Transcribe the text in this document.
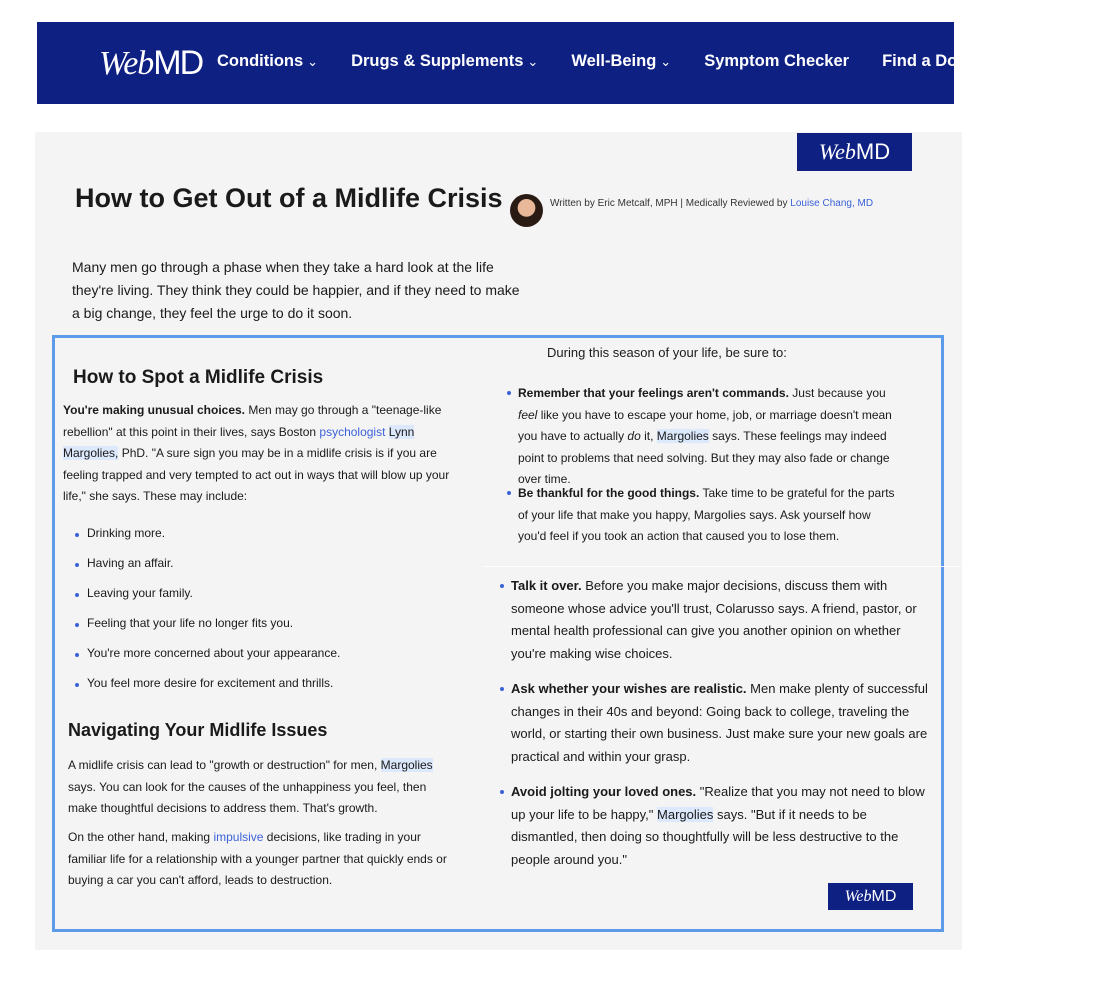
WebMD Conditions ⌄ Drugs & Supplements ⌄ Well-Being ⌄ Symptom Checker Find a Doctor More ⌄
Web MD
How to Get Out of a Midlife Crisis	Written by Eric Metcalf, MPH | Medically Reviewed by Louise Chang, MD

Many men go through a phase when they take a hard look at the life they're living. They think they could be happier, and if they need to make a big change, they feel the urge to do it soon.

How to Spot a Midlife Crisis

You're making unusual choices. Men may go through a "teenage-like rebellion" at this point in their lives, says Boston psychologist Lynn Margolies, PhD. "A sure sign you may be in a midlife crisis is if you are feeling trapped and very tempted to act out in ways that will blow up your life," she says. These may include:

Drinking more.
Having an affair.
Leaving your family.
Feeling that your life no longer fits you.
You're more concerned about your appearance.
You feel more desire for excitement and thrills.
Navigating Your Midlife Issues

A midlife crisis can lead to "growth or destruction" for men, Margolies says. You can look for the causes of the unhappiness you feel, then make thoughtful decisions to address them. That's growth.

On the other hand, making impulsive decisions, like trading in your familiar life for a relationship with a younger partner that quickly ends or buying a car you can't afford, leads to destruction.

During this season of your life, be sure to:
Remember that your feelings aren't commands. Just because you feel like you have to escape your home, job, or marriage doesn't mean you have to actually do it, Margolies says. These feelings may indeed point to problems that need solving. But they may also fade or change over time.
Be thankful for the good things. Take time to be grateful for the parts of your life that make you happy, Margolies says. Ask yourself how you'd feel if you took an action that caused you to lose them.
Talk it over. Before you make major decisions, discuss them with someone whose advice you'll trust, Colarusso says. A friend, pastor, or mental health professional can give you another opinion on whether you're making wise choices.
Ask whether your wishes are realistic. Men make plenty of successful changes in their 40s and beyond: Going back to college, traveling the world, or starting their own business. Just make sure your new goals are practical and within your grasp.
Avoid jolting your loved ones. "Realize that you may not need to blow up your life to be happy," Margolies says. "But if it needs to be dismantled, then doing so thoughtfully will be less destructive to the people around you."
Web MD
